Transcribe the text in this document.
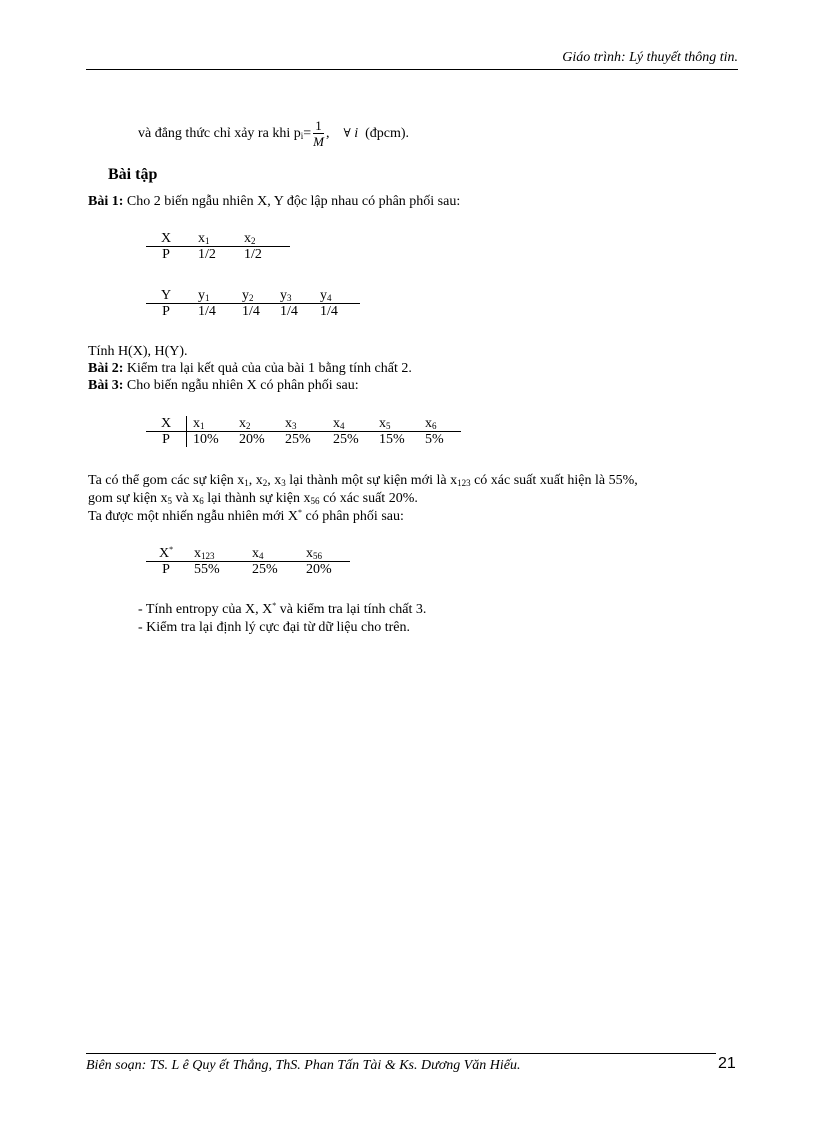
Giáo trình: Lý thuyết thông tin.
và đẳng thức chỉ xảy ra khi $p_i= \frac{1}{M}$ , ∀ i (đpcm).
Bài tập
Bài 1: Cho 2 biến ngẫu nhiên X, Y độc lập nhau có phân phối sau:
X	$x_1$	$x_2$
P	1/2	1/2
Y	$y_1$	$y_2$	$y_3$	$y_4$
P	1/4	1/4	1/4	1/4
Tính H(X), H(Y).
Bài 2: Kiểm tra lại kết quả của của bài 1 bằng tính chất 2.
Bài 3: Cho biến ngẫu nhiên X có phân phối sau:
X	$x_1$	$x_2$	$x_3$	$x_4$	$x_5$	$x_6$
P	10%	20%	25%	25%	15%	5%
Ta có thể gom các sự kiện $x_1$, $x_2$, $x_3$ lại thành một sự kiện mới là $x_{123}$ có xác suất xuất hiện là 55%,
gom sự kiện $x_5$ và $x_6$ lại thành sự kiện $x_{56}$ có xác suất 20%.
Ta được một nhiến ngẫu nhiên mới X* có phân phối sau:
X*	$x_{123}$	$x_4$	$x_{56}$
P	55%	25%	20%
- Tính entropy của X, X* và kiểm tra lại tính chất 3.
- Kiểm tra lại định lý cực đại từ dữ liệu cho trên.
Biên soạn: TS. L ê Quy ết Thắng, ThS. Phan Tấn Tài & Ks. Dương Văn Hiếu.	21
